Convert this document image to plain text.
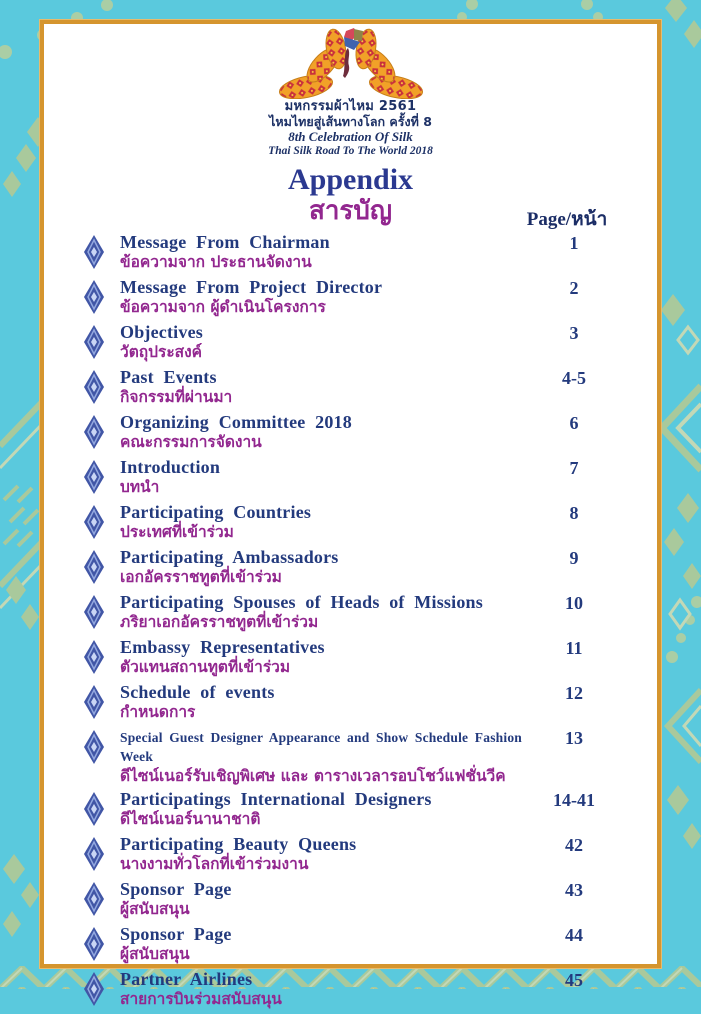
มหกรรมผ้าไหม 2561
ไหมไทยสู่เส้นทางโลก ครั้งที่ 8
8th Celebration Of Silk
Thai Silk Road To The World 2018
Appendix
สารบัญ	Page/หน้า
Message From Chairman
ข้อความจาก ประธานจัดงาน
1
Message From Project Director
ข้อความจาก ผู้ดำเนินโครงการ
2
Objectives
วัตถุประสงค์
3
Past Events
กิจกรรมที่ผ่านมา
4-5
Organizing Committee 2018
คณะกรรมการจัดงาน
6
Introduction
บทนำ
7
Participating Countries
ประเทศที่เข้าร่วม
8
Participating Ambassadors
เอกอัครราชทูตที่เข้าร่วม
9
Participating Spouses of Heads of Missions
ภริยาเอกอัครราชทูตที่เข้าร่วม
10
Embassy Representatives
ตัวแทนสถานทูตที่เข้าร่วม
11
Schedule of events
กำหนดการ
12
Special Guest Designer Appearance and Show Schedule Fashion Week
ดีไซน์เนอร์รับเชิญพิเศษ และ ตารางเวลารอบโชว์แฟชั่นวีค
13
Participatings International Designers
ดีไซน์เนอร์นานาชาติ
14-41
Participating Beauty Queens
นางงามทั่วโลกที่เข้าร่วมงาน
42
Sponsor Page
ผู้สนับสนุน
43
Sponsor Page
ผู้สนับสนุน
44
Partner Airlines
สายการบินร่วมสนับสนุน
45
